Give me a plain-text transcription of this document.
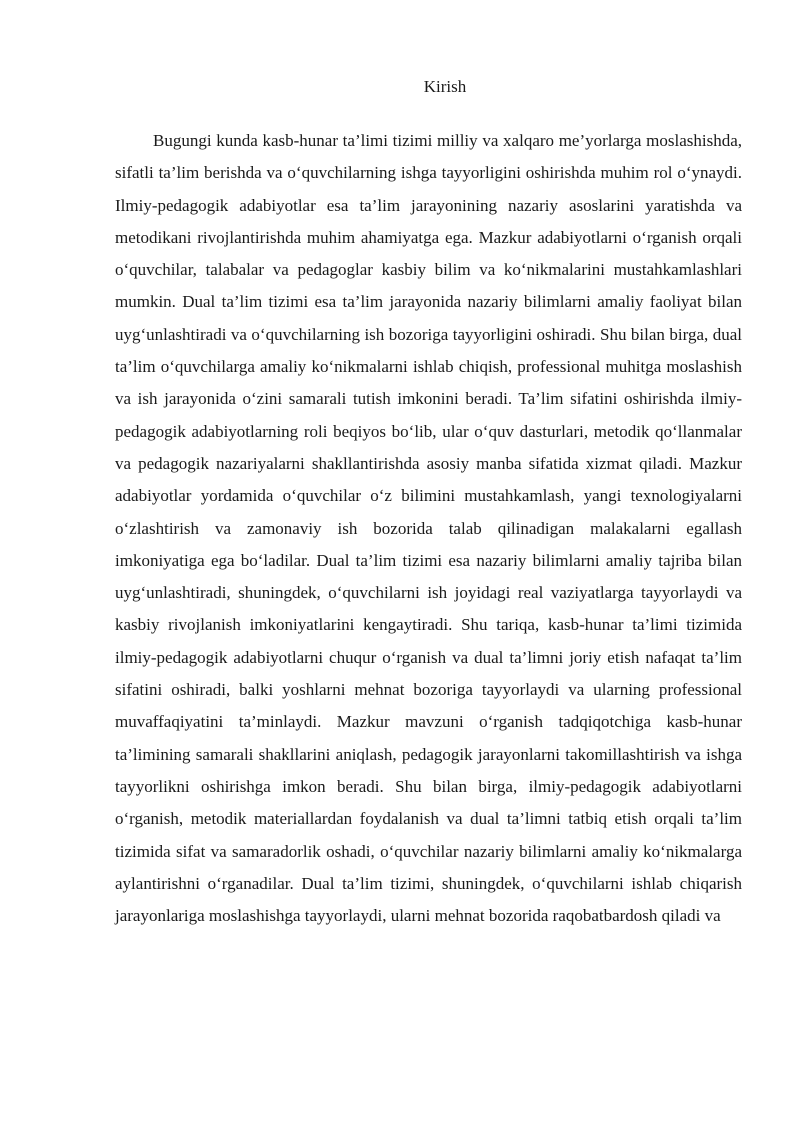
Kirish

Bugungi kunda kasb-hunar ta’limi tizimi milliy va xalqaro me’yorlarga moslashishda, sifatli ta’lim berishda va o‘quvchilarning ishga tayyorligini oshirishda muhim rol o‘ynaydi. Ilmiy-pedagogik adabiyotlar esa ta’lim jarayonining nazariy asoslarini yaratishda va metodikani rivojlantirishda muhim ahamiyatga ega. Mazkur adabiyotlarni o‘rganish orqali o‘quvchilar, talabalar va pedagoglar kasbiy bilim va ko‘nikmalarini mustahkamlashlari mumkin. Dual ta’lim tizimi esa ta’lim jarayonida nazariy bilimlarni amaliy faoliyat bilan uyg‘unlashtiradi va o‘quvchilarning ish bozoriga tayyorligini oshiradi. Shu bilan birga, dual ta’lim o‘quvchilarga amaliy ko‘nikmalarni ishlab chiqish, professional muhitga moslashish va ish jarayonida o‘zini samarali tutish imkonini beradi. Ta’lim sifatini oshirishda ilmiy-pedagogik adabiyotlarning roli beqiyos bo‘lib, ular o‘quv dasturlari, metodik qo‘llanmalar va pedagogik nazariyalarni shakllantirishda asosiy manba sifatida xizmat qiladi. Mazkur adabiyotlar yordamida o‘quvchilar o‘z bilimini mustahkamlash, yangi texnologiyalarni o‘zlashtirish va zamonaviy ish bozorida talab qilinadigan malakalarni egallash imkoniyatiga ega bo‘ladilar. Dual ta’lim tizimi esa nazariy bilimlarni amaliy tajriba bilan uyg‘unlashtiradi, shuningdek, o‘quvchilarni ish joyidagi real vaziyatlarga tayyorlaydi va kasbiy rivojlanish imkoniyatlarini kengaytiradi. Shu tariqa, kasb-hunar ta’limi tizimida ilmiy-pedagogik adabiyotlarni chuqur o‘rganish va dual ta’limni joriy etish nafaqat ta’lim sifatini oshiradi, balki yoshlarni mehnat bozoriga tayyorlaydi va ularning professional muvaffaqiyatini ta’minlaydi. Mazkur mavzuni o‘rganish tadqiqotchiga kasb-hunar ta’limining samarali shakllarini aniqlash, pedagogik jarayonlarni takomillashtirish va ishga tayyorlikni oshirishga imkon beradi. Shu bilan birga, ilmiy-pedagogik adabiyotlarni o‘rganish, metodik materiallardan foydalanish va dual ta’limni tatbiq etish orqali ta’lim tizimida sifat va samaradorlik oshadi, o‘quvchilar nazariy bilimlarni amaliy ko‘nikmalarga aylantirishni o‘rganadilar. Dual ta’lim tizimi, shuningdek, o‘quvchilarni ishlab chiqarish jarayonlariga moslashishga tayyorlaydi, ularni mehnat bozorida raqobatbardosh qiladi va
